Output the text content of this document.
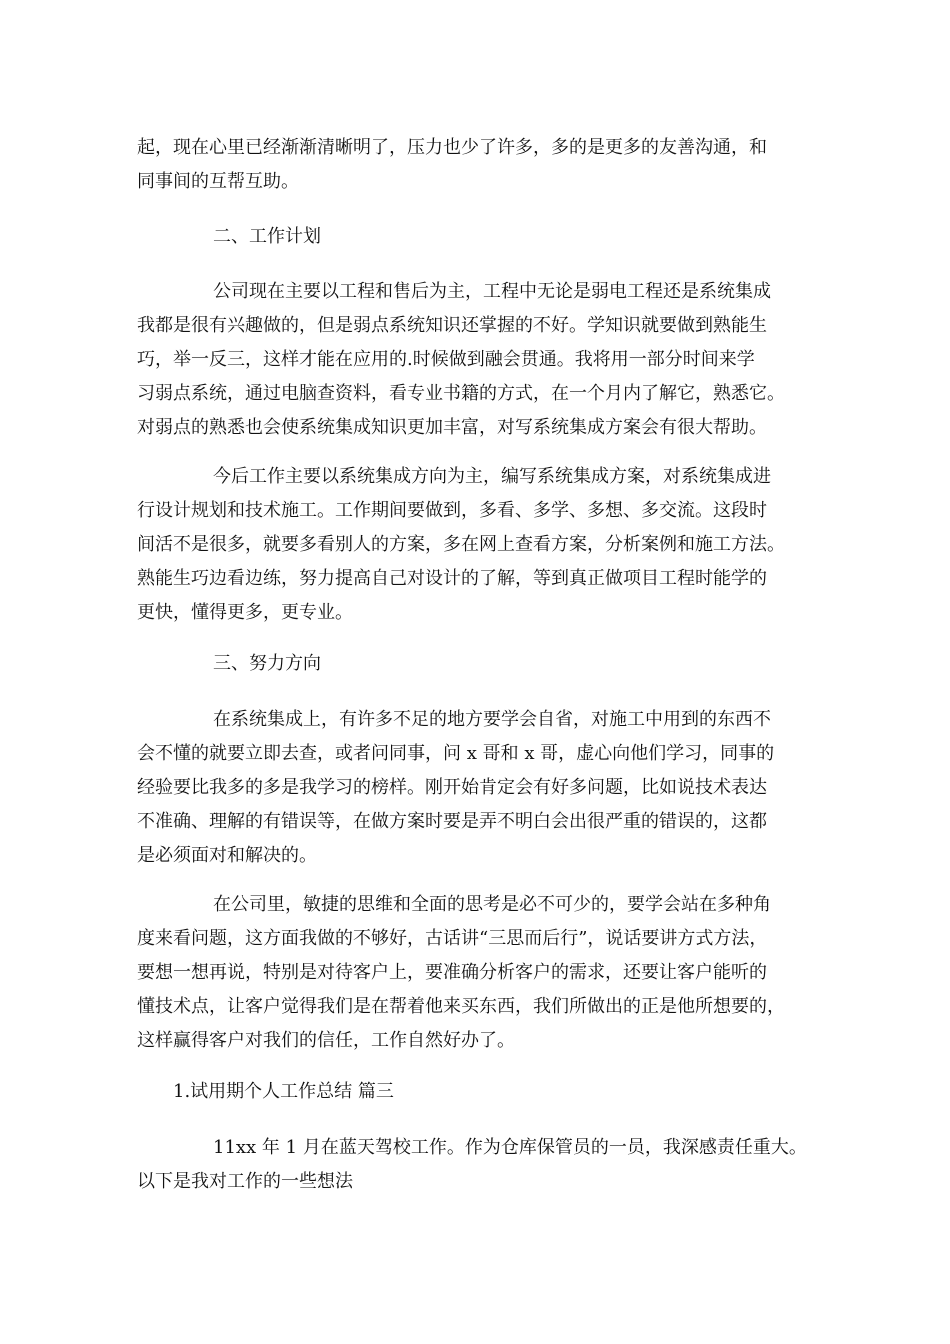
起，现在心里已经渐渐清晰明了，压力也少了许多，多的是更多的友善沟通，和
同事间的互帮互助。
二、工作计划
公司现在主要以工程和售后为主，工程中无论是弱电工程还是系统集成
我都是很有兴趣做的，但是弱点系统知识还掌握的不好。学知识就要做到熟能生
巧，举一反三，这样才能在应用的.时候做到融会贯通。我将用一部分时间来学
习弱点系统，通过电脑查资料，看专业书籍的方式，在一个月内了解它，熟悉它。
对弱点的熟悉也会使系统集成知识更加丰富，对写系统集成方案会有很大帮助。
今后工作主要以系统集成方向为主，编写系统集成方案，对系统集成进
行设计规划和技术施工。工作期间要做到，多看、多学、多想、多交流。这段时
间活不是很多，就要多看别人的方案，多在网上查看方案，分析案例和施工方法。
熟能生巧边看边练，努力提高自己对设计的了解，等到真正做项目工程时能学的
更快，懂得更多，更专业。
三、努力方向
在系统集成上，有许多不足的地方要学会自省，对施工中用到的东西不
会不懂的就要立即去查，或者问同事，问 x 哥和 x 哥，虚心向他们学习，同事的
经验要比我多的多是我学习的榜样。刚开始肯定会有好多问题，比如说技术表达
不准确、理解的有错误等，在做方案时要是弄不明白会出很严重的错误的，这都
是必须面对和解决的。
在公司里，敏捷的思维和全面的思考是必不可少的，要学会站在多种角
度来看问题，这方面我做的不够好，古话讲“三思而后行”，说话要讲方式方法，
要想一想再说，特别是对待客户上，要准确分析客户的需求，还要让客户能听的
懂技术点，让客户觉得我们是在帮着他来买东西，我们所做出的正是他所想要的，
这样赢得客户对我们的信任，工作自然好办了。
1.试用期个人工作总结 篇三
11xx 年 1 月在蓝天驾校工作。作为仓库保管员的一员，我深感责任重大。
以下是我对工作的一些想法
